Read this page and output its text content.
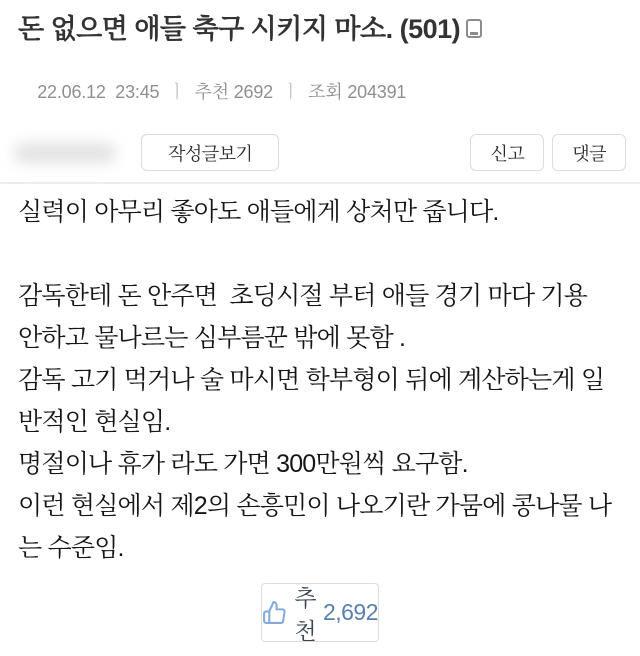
돈 없으면 애들 축구 시키지 마소. (501)

22.06.12  23:45 ㅣ 추천 2692 ㅣ 조회 204391

작성글보기	신고	댓글
실력이 아무리 좋아도 애들에게 상처만 줍니다.
감독한테 돈 안주면  초딩시절 부터 애들 경기 마다 기용
안하고 물나르는 심부름꾼 밖에 못함 .
감독 고기 먹거나 술 마시면 학부형이 뒤에 계산하는게 일
반적인 현실임.
명절이나 휴가 라도 가면 300만원씩 요구함.
이런 현실에서 제2의 손흥민이 나오기란 가뭄에 콩나물 나
는 수준임.
추천
2,692
